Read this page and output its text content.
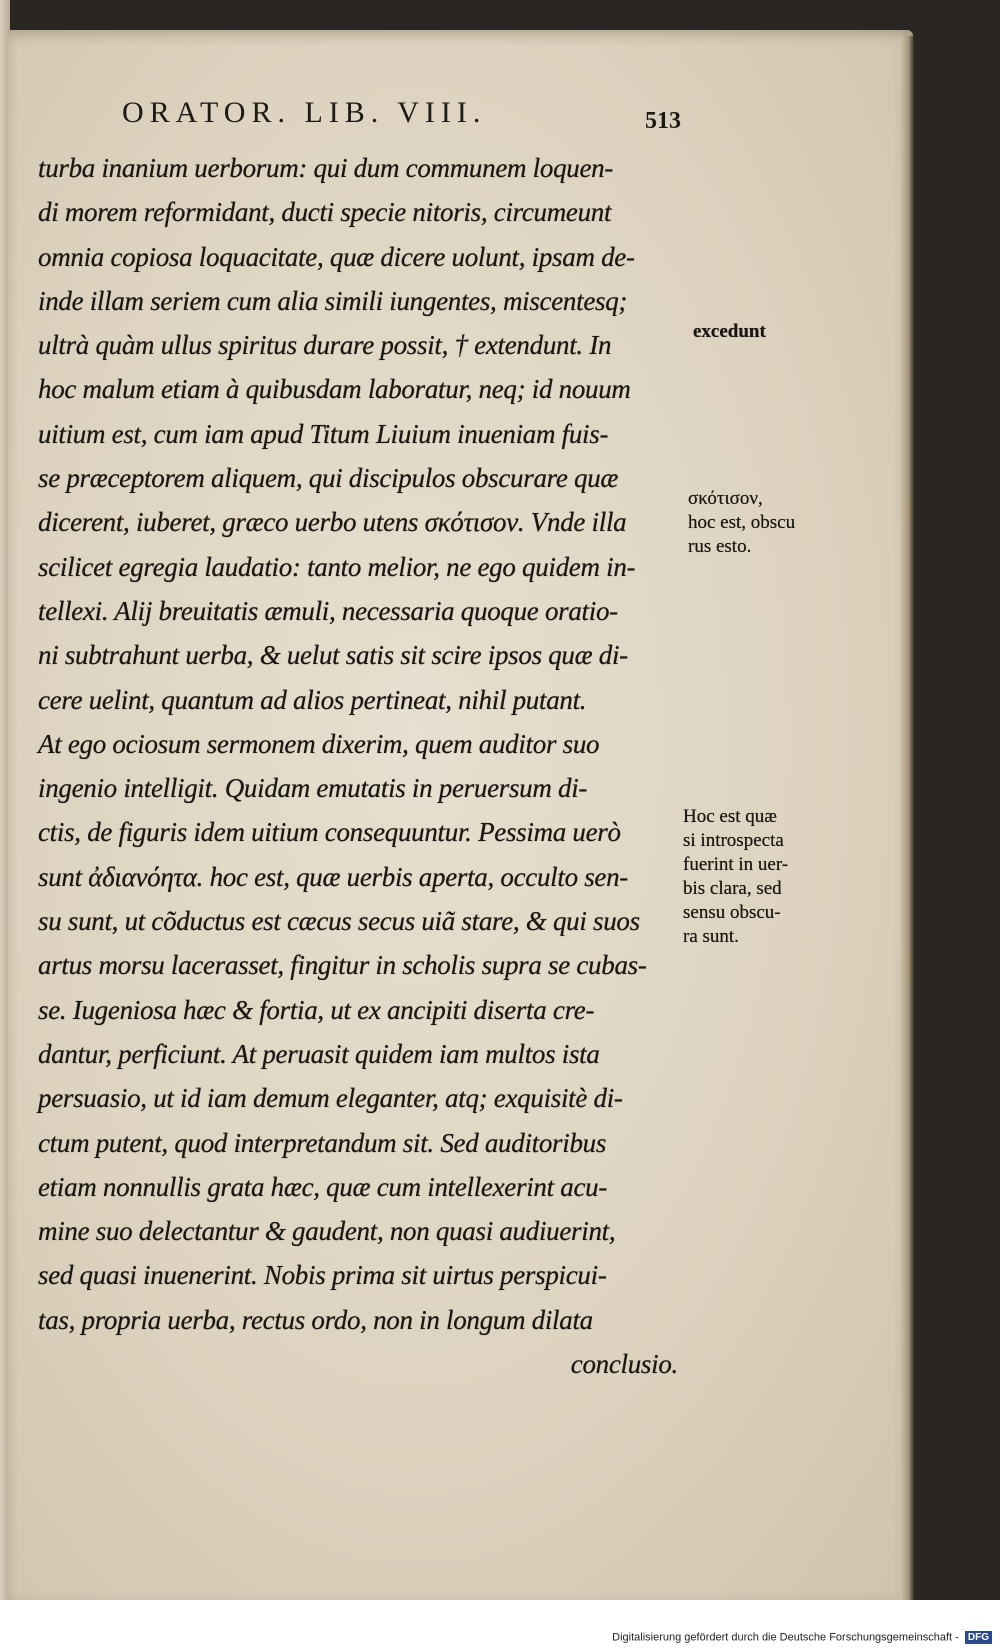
ORATOR. LIB. VIII.	513
turba inanium uerborum: qui dum communem loquen-
di morem reformidant, ducti specie nitoris, circumeunt
omnia copiosa loquacitate, quæ dicere uolunt, ipsam de-
inde illam seriem cum alia simili iungentes, miscentesq;
ultrà quàm ullus spiritus durare possit, † extendunt. In
hoc malum etiam à quibusdam laboratur, neq; id nouum
uitium est, cum iam apud Titum Liuium inueniam fuis-
se præceptorem aliquem, qui discipulos obscurare quæ
dicerent, iuberet, græco uerbo utens σκότισον. Vnde illa
scilicet egregia laudatio: tanto melior, ne ego quidem in-
tellexi. Alij breuitatis æmuli, necessaria quoque oratio-
ni subtrahunt uerba, & uelut satis sit scire ipsos quæ di-
cere uelint, quantum ad alios pertineat, nihil putant.
At ego ociosum sermonem dixerim, quem auditor suo
ingenio intelligit. Quidam emutatis in peruersum di-
ctis, de figuris idem uitium consequuntur. Pessima uerò
sunt ἀδιανόητα. hoc est, quæ uerbis aperta, occulto sen-
su sunt, ut cõductus est cæcus secus uiã stare, & qui suos
artus morsu lacerasset, fingitur in scholis supra se cubas-
se. Iugeniosa hæc & fortia, ut ex ancipiti diserta cre-
dantur, perficiunt. At peruasit quidem iam multos ista
persuasio, ut id iam demum eleganter, atq; exquisitè di-
ctum putent, quod interpretandum sit. Sed auditoribus
etiam nonnullis grata hæc, quæ cum intellexerint acu-
mine suo delectantur & gaudent, non quasi audiuerint,
sed quasi inuenerint. Nobis prima sit uirtus perspicui-
tas, propria uerba, rectus ordo, non in longum dilata
conclusio.
excedunt
σκότισον,
hoc est, obscu
rus esto.
Hoc est quæ
si introspecta
fuerint in uer-
bis clara, sed
sensu obscu-
ra sunt.
Digitalisierung gefördert durch die Deutsche Forschungsgemeinschaft - DFG
